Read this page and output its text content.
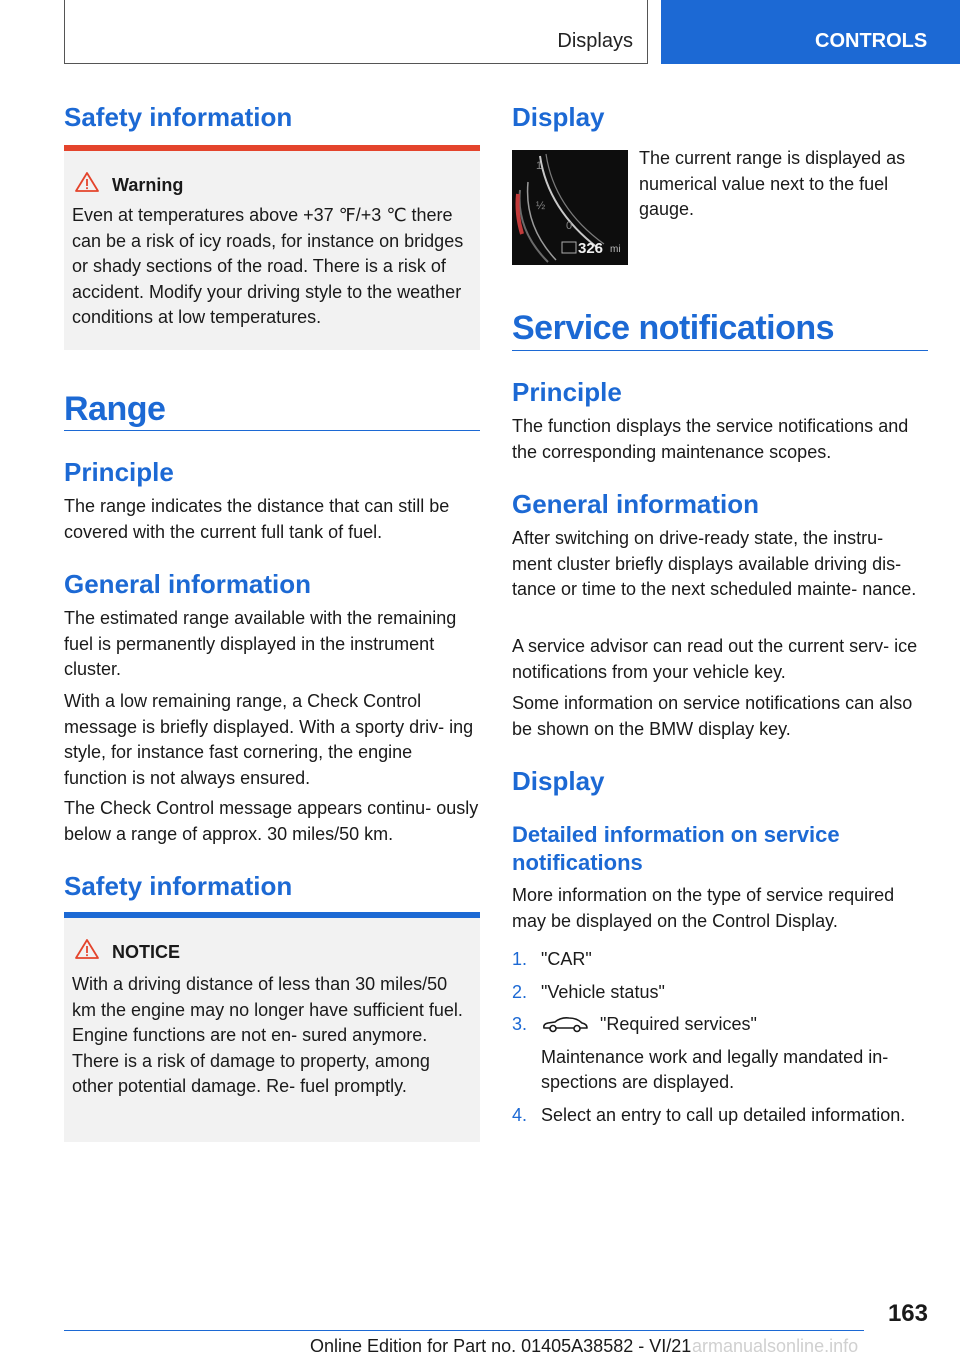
Displays	CONTROLS
Safety information
Warning

Even at temperatures above +37 ℉/+3 ℃ there can be a risk of icy roads, for instance on bridges or shady sections of the road. There is a risk of accident. Modify your driving style to the weather conditions at low temperatures.

Range
Principle

The range indicates the distance that can still be covered with the current full tank of fuel.

General information

The estimated range available with the remaining fuel is permanently displayed in the instrument cluster.

With a low remaining range, a Check Control message is briefly displayed. With a sporty driv‐ ing style, for instance fast cornering, the engine function is not always ensured.

The Check Control message appears continu‐ ously below a range of approx. 30 miles/50 km.

Safety information
NOTICE

With a driving distance of less than 30 miles/50 km the engine may no longer have sufficient fuel. Engine functions are not en‐ sured anymore. There is a risk of damage to property, among other potential damage. Re‐ fuel promptly.

Display
1
½
0
326 mi

The current range is displayed as numerical value next to the fuel gauge.

Service notifications
Principle

The function displays the service notifications and the corresponding maintenance scopes.

General information

After switching on drive-ready state, the instru‐ ment cluster briefly displays available driving dis‐ tance or time to the next scheduled mainte‐ nance.

A service advisor can read out the current serv‐ ice notifications from your vehicle key.

Some information on service notifications can also be shown on the BMW display key.

Display
Detailed information on service notifications

More information on the type of service required may be displayed on the Control Display.

1. "CAR"
2. "Vehicle status"
3.	"Required services"
Maintenance work and legally mandated in‐ spections are displayed.
4. Select an entry to call up detailed information.
163
Online Edition for Part no. 01405A38582 - VI/21 armanualsonline.info
